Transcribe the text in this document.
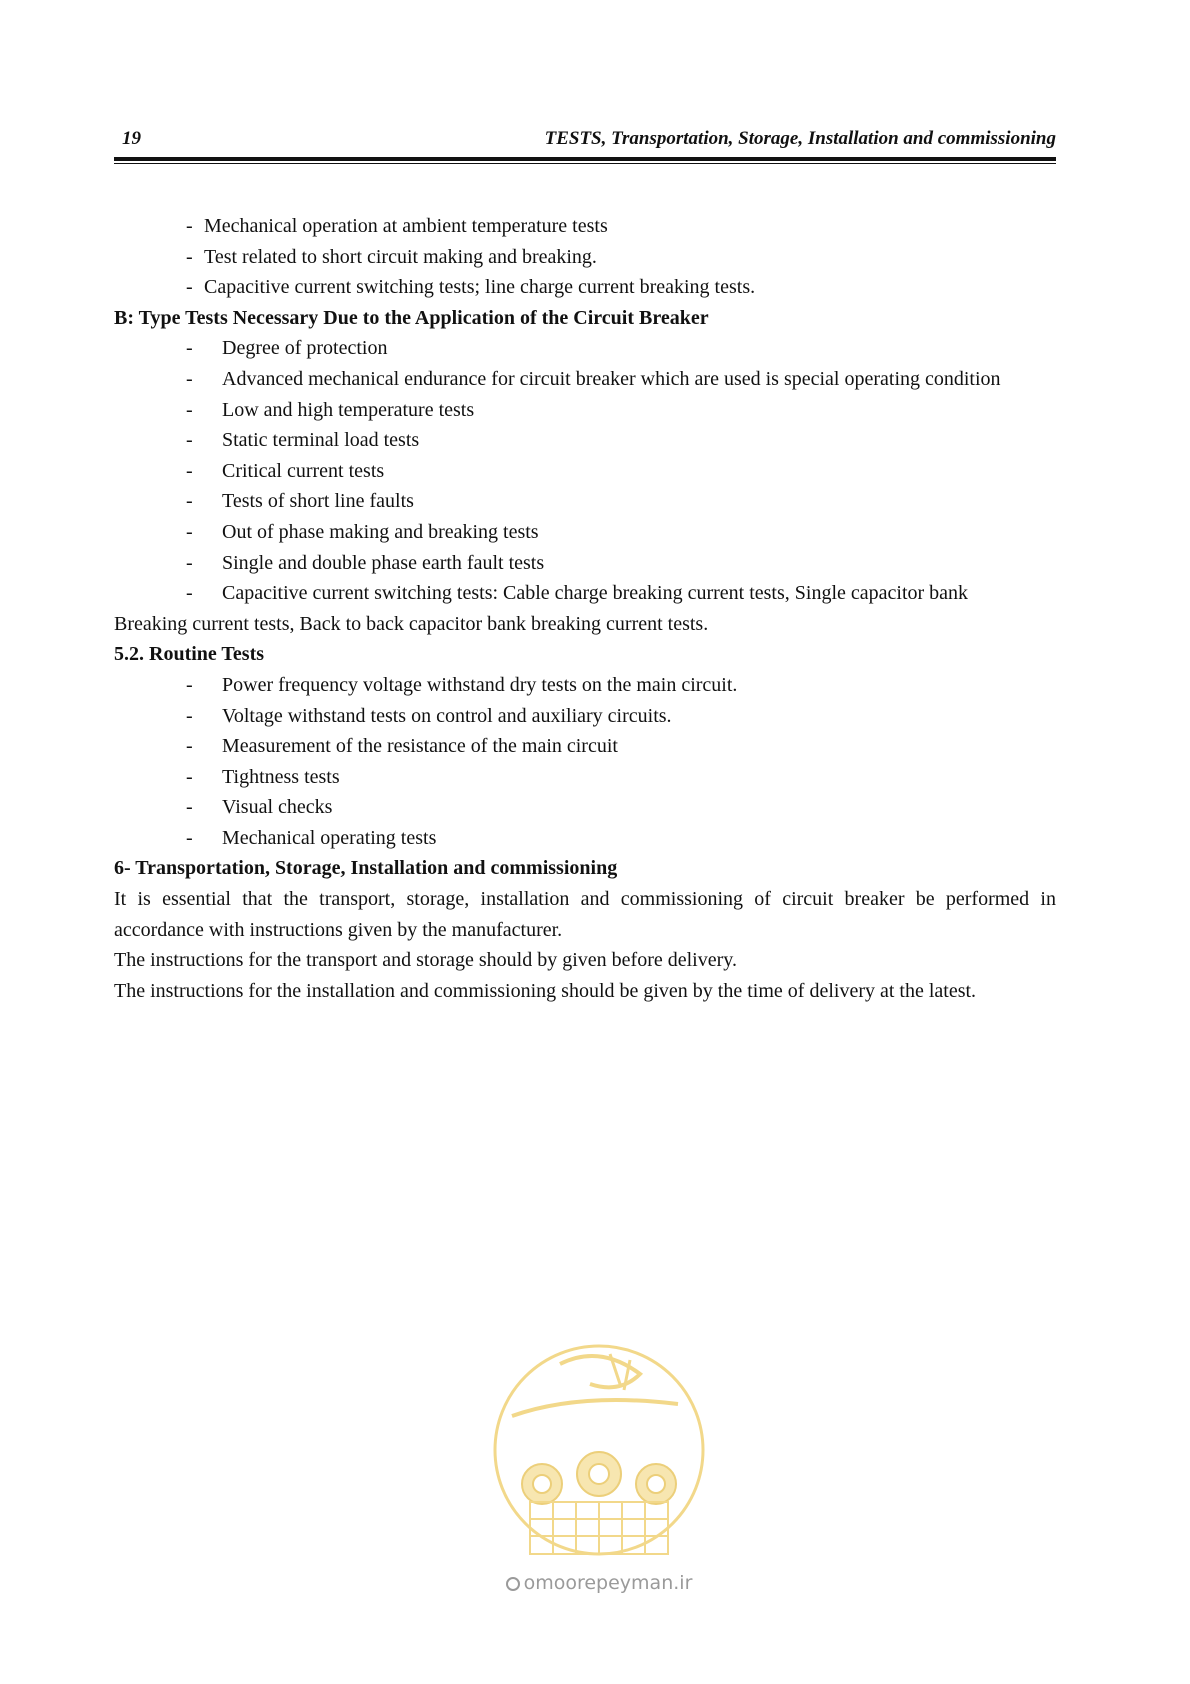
19	TESTS, Transportation, Storage, Installation and commissioning
- Mechanical operation at ambient temperature tests
- Test related to short circuit making and breaking.
- Capacitive current switching tests; line charge current breaking tests.

B: Type Tests Necessary Due to the Application of the Circuit Breaker

- Degree of protection
- Advanced mechanical endurance for circuit breaker which are used is special operating condition
- Low and high temperature tests
- Static terminal load tests
- Critical current tests
- Tests of short line faults
- Out of phase making and breaking tests
- Single and double phase earth fault tests
- Capacitive current switching tests: Cable charge breaking current tests, Single capacitor bank

Breaking current tests, Back to back capacitor bank breaking current tests.

5.2. Routine Tests

- Power frequency voltage withstand dry tests on the main circuit.
- Voltage withstand tests on control and auxiliary circuits.
- Measurement of the resistance of the main circuit
- Tightness tests
- Visual checks
- Mechanical operating tests

6- Transportation, Storage, Installation and commissioning

It is essential that the transport, storage, installation and commissioning of circuit breaker be performed in accordance with instructions given by the manufacturer.

The instructions for the transport and storage should by given before delivery.

The instructions for the installation and commissioning should be given by the time of delivery at the latest.

omoorepeyman.ir
